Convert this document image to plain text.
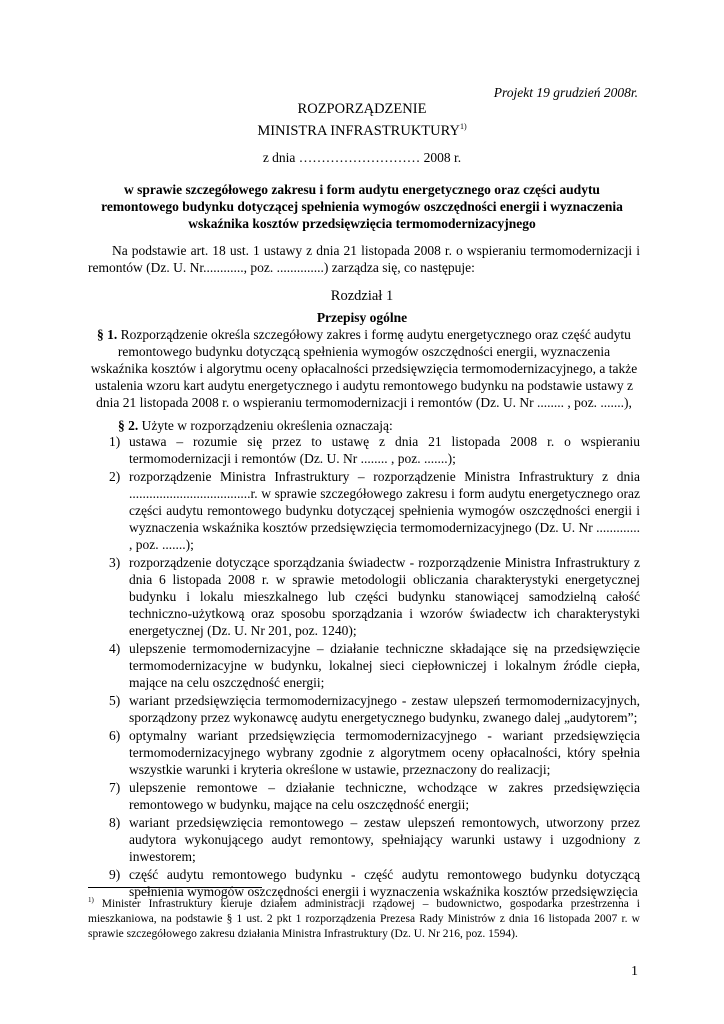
Projekt 19 grudzień 2008r.
ROZPORZĄDZENIE
MINISTRA INFRASTRUKTURY$^{1)}$
z dnia ……………………… 2008 r.
w sprawie szczegółowego zakresu i form audytu energetycznego oraz części audytu remontowego budynku dotyczącej spełnienia wymogów oszczędności energii i wyznaczenia wskaźnika kosztów przedsięwzięcia termomodernizacyjnego
Na podstawie art. 18 ust. 1 ustawy z dnia 21 listopada 2008 r. o wspieraniu termomodernizacji i remontów (Dz. U. Nr............, poz. ..............) zarządza się, co następuje:
Rozdział 1
Przepisy ogólne
§ 1. Rozporządzenie określa szczegółowy zakres i formę audytu energetycznego oraz część audytu remontowego budynku dotyczącą spełnienia wymogów oszczędności energii, wyznaczenia wskaźnika kosztów i algorytmu oceny opłacalności przedsięwzięcia termomodernizacyjnego, a także ustalenia wzoru kart audytu energetycznego i audytu remontowego budynku na podstawie ustawy z dnia 21 listopada 2008 r. o wspieraniu termomodernizacji i remontów (Dz. U. Nr ........ , poz. .......),
§ 2. Użyte w rozporządzeniu określenia oznaczają:
1) ustawa – rozumie się przez to ustawę z dnia 21 listopada 2008 r. o wspieraniu termomodernizacji i remontów (Dz. U. Nr ........ , poz. .......);
2) rozporządzenie Ministra Infrastruktury – rozporządzenie Ministra Infrastruktury z dnia ....................................r. w sprawie szczegółowego zakresu i form audytu energetycznego oraz części audytu remontowego budynku dotyczącej spełnienia wymogów oszczędności energii i wyznaczenia wskaźnika kosztów przedsięwzięcia termomodernizacyjnego (Dz. U. Nr ............. , poz. .......);
3) rozporządzenie dotyczące sporządzania świadectw - rozporządzenie Ministra Infrastruktury z dnia 6 listopada 2008 r. w sprawie metodologii obliczania charakterystyki energetycznej budynku i lokalu mieszkalnego lub części budynku stanowiącej samodzielną całość techniczno-użytkową oraz sposobu sporządzania i wzorów świadectw ich charakterystyki energetycznej (Dz. U. Nr 201, poz. 1240);
4) ulepszenie termomodernizacyjne – działanie techniczne składające się na przedsięwzięcie termomodernizacyjne w budynku, lokalnej sieci ciepłowniczej i lokalnym źródle ciepła, mające na celu oszczędność energii;
5) wariant przedsięwzięcia termomodernizacyjnego - zestaw ulepszeń termomodernizacyjnych, sporządzony przez wykonawcę audytu energetycznego budynku, zwanego dalej „audytorem”;
6) optymalny wariant przedsięwzięcia termomodernizacyjnego - wariant przedsięwzięcia termomodernizacyjnego wybrany zgodnie z algorytmem oceny opłacalności, który spełnia wszystkie warunki i kryteria określone w ustawie, przeznaczony do realizacji;
7) ulepszenie remontowe – działanie techniczne, wchodzące w zakres przedsięwzięcia remontowego w budynku, mające na celu oszczędność energii;
8) wariant przedsięwzięcia remontowego – zestaw ulepszeń remontowych, utworzony przez audytora wykonującego audyt remontowy, spełniający warunki ustawy i uzgodniony z inwestorem;
9) część audytu remontowego budynku - część audytu remontowego budynku dotyczącą spełnienia wymogów oszczędności energii i wyznaczenia wskaźnika kosztów przedsięwzięcia
$^{1)}$ Minister Infrastruktury kieruje działem administracji rządowej – budownictwo, gospodarka przestrzenna i mieszkaniowa, na podstawie § 1 ust. 2 pkt 1 rozporządzenia Prezesa Rady Ministrów z dnia 16 listopada 2007 r. w sprawie szczegółowego zakresu działania Ministra Infrastruktury (Dz. U. Nr 216, poz. 1594).
1
